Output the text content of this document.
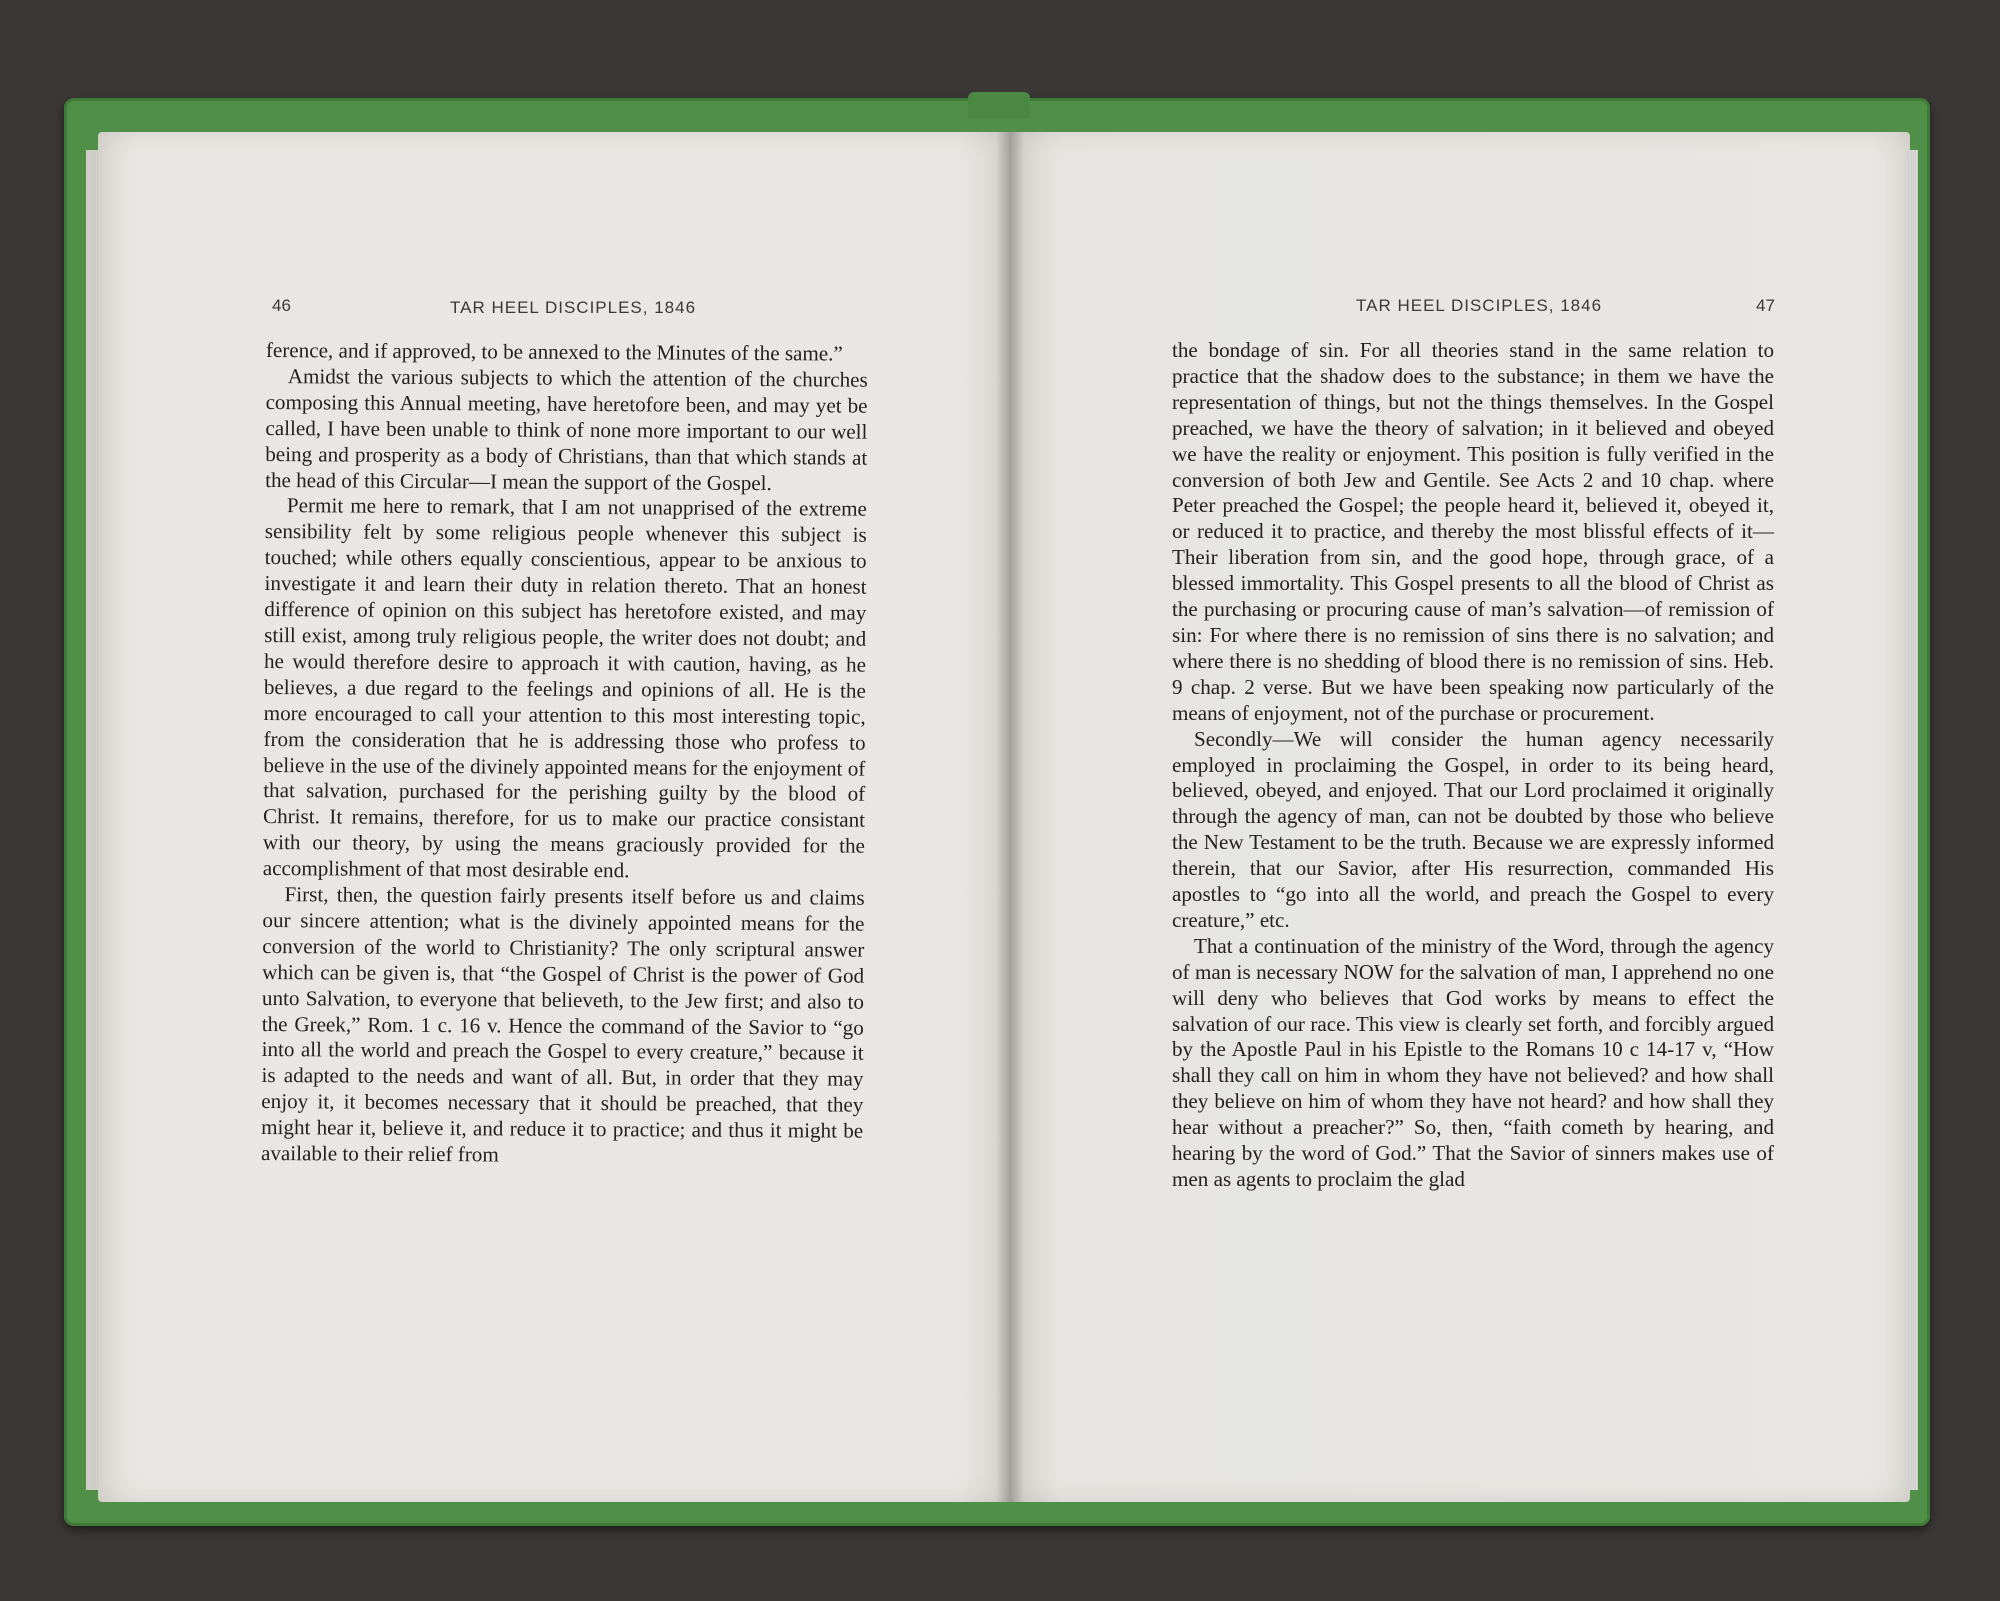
46	TAR HEEL DISCIPLES, 1846	TAR HEEL DISCIPLES, 1846	47

ference, and if approved, to be annexed to the Minutes of the same.”

Amidst the various subjects to which the attention of the churches composing this Annual meeting, have heretofore been, and may yet be called, I have been unable to think of none more important to our well being and prosperity as a body of Christians, than that which stands at the head of this Circular—I mean the support of the Gospel.

Permit me here to remark, that I am not unapprised of the extreme sensibility felt by some religious people whenever this subject is touched; while others equally conscientious, appear to be anxious to investigate it and learn their duty in relation thereto. That an honest difference of opinion on this subject has heretofore existed, and may still exist, among truly religious people, the writer does not doubt; and he would therefore desire to approach it with caution, having, as he believes, a due regard to the feelings and opinions of all. He is the more encouraged to call your attention to this most interesting topic, from the consideration that he is addressing those who profess to believe in the use of the divinely appointed means for the enjoyment of that salvation, purchased for the perishing guilty by the blood of Christ. It remains, therefore, for us to make our practice consistant with our theory, by using the means graciously provided for the accomplishment of that most desirable end.

First, then, the question fairly presents itself before us and claims our sincere attention; what is the divinely appointed means for the conversion of the world to Christianity? The only scriptural answer which can be given is, that “the Gospel of Christ is the power of God unto Salvation, to everyone that believeth, to the Jew first; and also to the Greek,” Rom. 1 c. 16 v. Hence the command of the Savior to “go into all the world and preach the Gospel to every creature,” because it is adapted to the needs and want of all. But, in order that they may enjoy it, it becomes necessary that it should be preached, that they might hear it, believe it, and reduce it to practice; and thus it might be available to their relief from

the bondage of sin. For all theories stand in the same relation to practice that the shadow does to the substance; in them we have the representation of things, but not the things themselves. In the Gospel preached, we have the theory of salvation; in it believed and obeyed we have the reality or enjoyment. This position is fully verified in the conversion of both Jew and Gentile. See Acts 2 and 10 chap. where Peter preached the Gospel; the people heard it, believed it, obeyed it, or reduced it to practice, and thereby the most blissful effects of it—Their liberation from sin, and the good hope, through grace, of a blessed immortality. This Gospel presents to all the blood of Christ as the purchasing or procuring cause of man’s salvation—of remission of sin: For where there is no remission of sins there is no salvation; and where there is no shedding of blood there is no remission of sins. Heb. 9 chap. 2 verse. But we have been speaking now particularly of the means of enjoyment, not of the purchase or procurement.

Secondly—We will consider the human agency necessarily employed in proclaiming the Gospel, in order to its being heard, believed, obeyed, and enjoyed. That our Lord proclaimed it originally through the agency of man, can not be doubted by those who believe the New Testament to be the truth. Because we are expressly informed therein, that our Savior, after His resurrection, commanded His apostles to “go into all the world, and preach the Gospel to every creature,” etc.

That a continuation of the ministry of the Word, through the agency of man is necessary NOW for the salvation of man, I apprehend no one will deny who believes that God works by means to effect the salvation of our race. This view is clearly set forth, and forcibly argued by the Apostle Paul in his Epistle to the Romans 10 c 14-17 v, “How shall they call on him in whom they have not believed? and how shall they believe on him of whom they have not heard? and how shall they hear without a preacher?” So, then, “faith cometh by hearing, and hearing by the word of God.” That the Savior of sinners makes use of men as agents to proclaim the glad
